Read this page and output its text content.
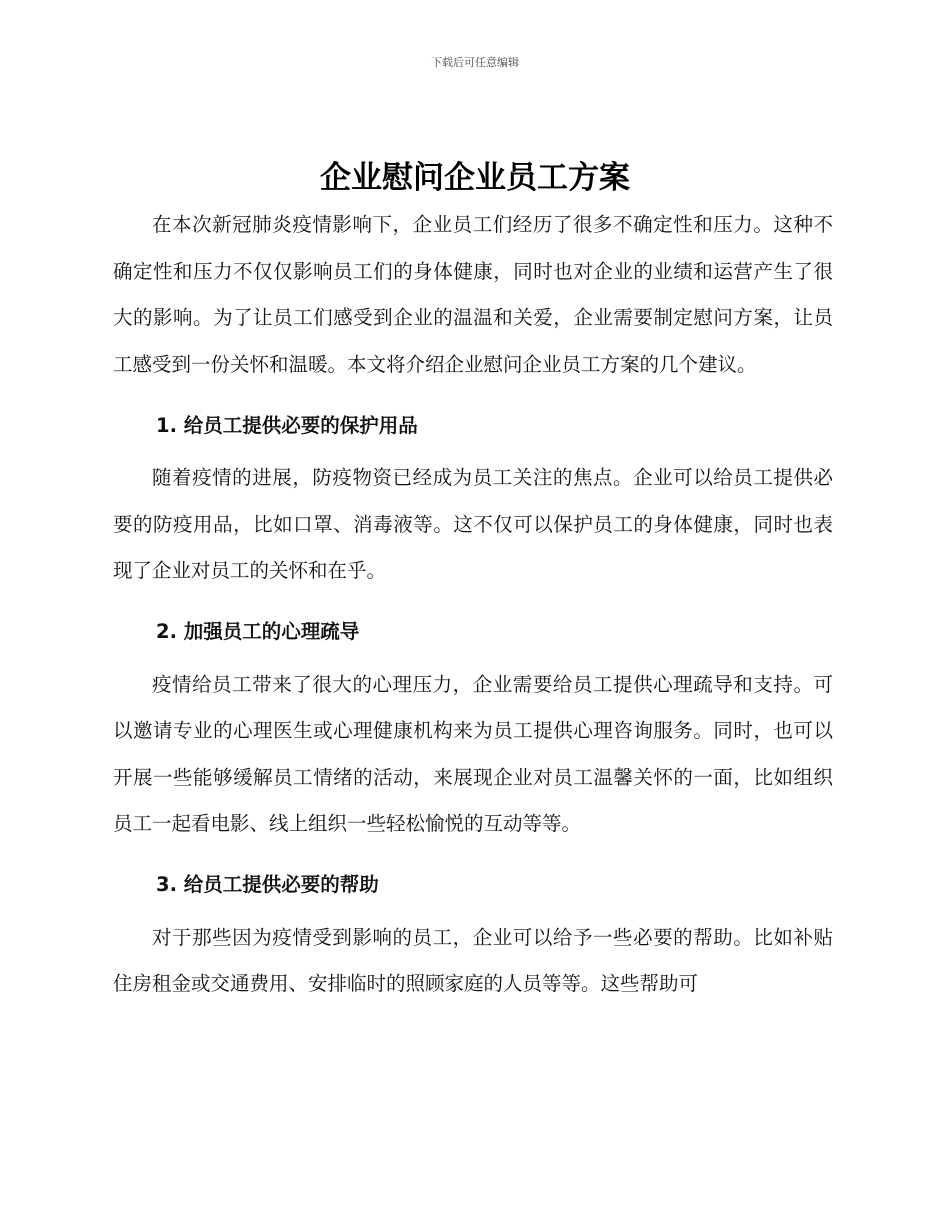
下载后可任意编辑
企业慰问企业员工方案

在本次新冠肺炎疫情影响下，企业员工们经历了很多不确定性和压力。这种不确定性和压力不仅仅影响员工们的身体健康，同时也对企业的业绩和运营产生了很大的影响。为了让员工们感受到企业的温温和关爱，企业需要制定慰问方案，让员工感受到一份关怀和温暖。本文将介绍企业慰问企业员工方案的几个建议。

1. 给员工提供必要的保护用品

随着疫情的进展，防疫物资已经成为员工关注的焦点。企业可以给员工提供必要的防疫用品，比如口罩、消毒液等。这不仅可以保护员工的身体健康，同时也表现了企业对员工的关怀和在乎。

2. 加强员工的心理疏导

疫情给员工带来了很大的心理压力，企业需要给员工提供心理疏导和支持。可以邀请专业的心理医生或心理健康机构来为员工提供心理咨询服务。同时，也可以开展一些能够缓解员工情绪的活动，来展现企业对员工温馨关怀的一面，比如组织员工一起看电影、线上组织一些轻松愉悦的互动等等。

3. 给员工提供必要的帮助

对于那些因为疫情受到影响的员工，企业可以给予一些必要的帮助。比如补贴住房租金或交通费用、安排临时的照顾家庭的人员等等。这些帮助可
